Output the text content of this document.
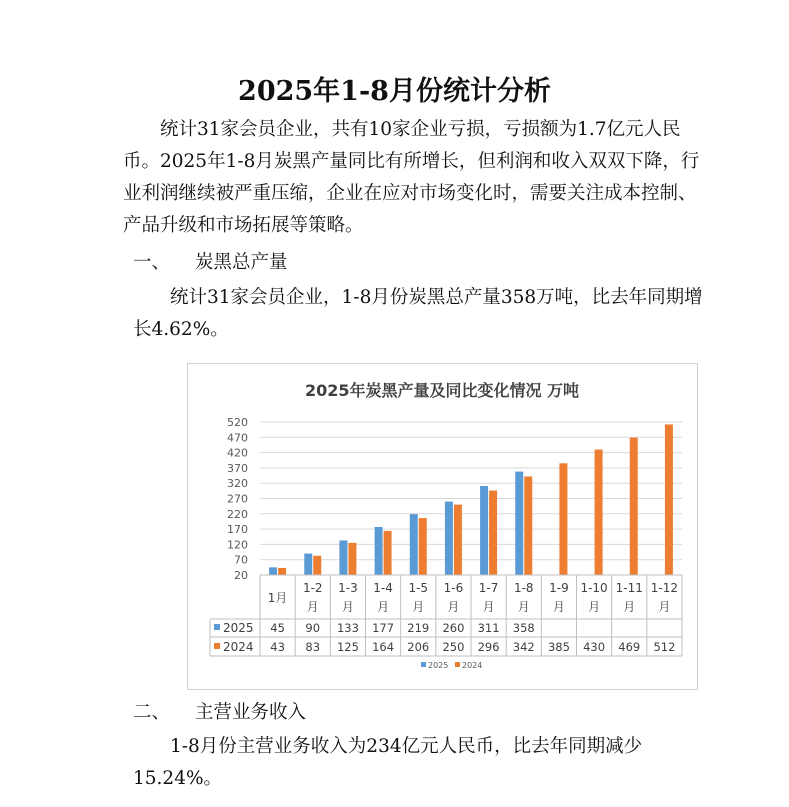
2025年1-8月份统计分析

统计31家会员企业，共有10家企业亏损，亏损额为1.7亿元人民币。2025年1-8月炭黑产量同比有所增长，但利润和收入双双下降，行业利润继续被严重压缩，企业在应对市场变化时，需要关注成本控制、产品升级和市场拓展等策略。

一、 炭黑总产量

统计31家会员企业，1-8月份炭黑总产量358万吨，比去年同期增长4.62%。

2025年炭黑产量及同比变化情况 万吨
20
70
120
170
220
270
320
370
420
470
520
1月
1-2
月
1-3
月
1-4
月
1-5
月
1-6
月
1-7
月
1-8
月
1-9
月
1-10
月
1-11
月
1-12
月
2025 45 90 133 177 219 260 311 358
2024 43 83 125 164 206 250 296 342 385 430 469 512
2025 2024
二、 主营业务收入

1-8月份主营业务收入为234亿元人民币，比去年同期减少15.24%。
